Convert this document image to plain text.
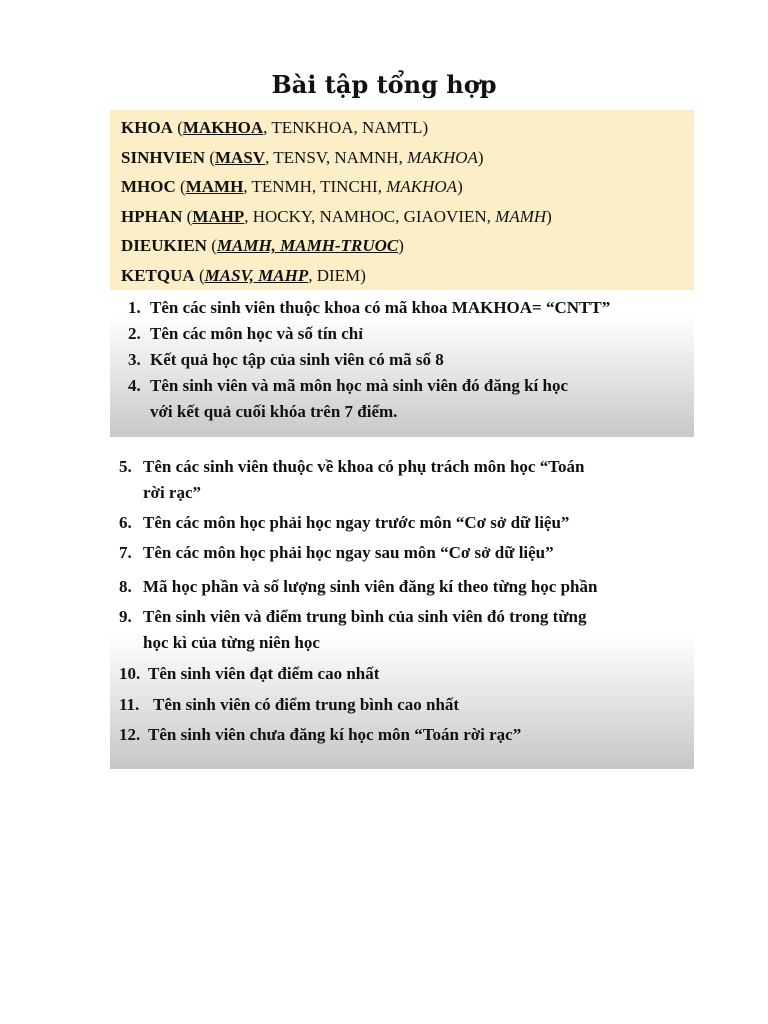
Bài tập tổng hợp
KHOA (MAKHOA, TENKHOA, NAMTL)
SINHVIEN (MASV, TENSV, NAMNH, MAKHOA)
MHOC (MAMH, TENMH, TINCHI, MAKHOA)
HPHAN (MAHP, HOCKY, NAMHOC, GIAOVIEN, MAMH)
DIEUKIEN (MAMH, MAMH-TRUOC)
KETQUA (MASV, MAHP, DIEM)
1. Tên các sinh viên thuộc khoa có mã khoa MAKHOA= “CNTT”
2. Tên các môn học và số tín chỉ
3. Kết quả học tập của sinh viên có mã số 8
4. Tên sinh viên và mã môn học mà sinh viên đó đăng kí học
với kết quả cuối khóa trên 7 điểm.
5. Tên các sinh viên thuộc về khoa có phụ trách môn học “Toán
rời rạc”
6. Tên các môn học phải học ngay trước môn “Cơ sở dữ liệu”
7. Tên các môn học phải học ngay sau môn “Cơ sở dữ liệu”
8. Mã học phần và số lượng sinh viên đăng kí theo từng học phần
9. Tên sinh viên và điểm trung bình của sinh viên đó trong từng
học kì của từng niên học
10. Tên sinh viên đạt điểm cao nhất
11. Tên sinh viên có điểm trung bình cao nhất
12. Tên sinh viên chưa đăng kí học môn “Toán rời rạc”
